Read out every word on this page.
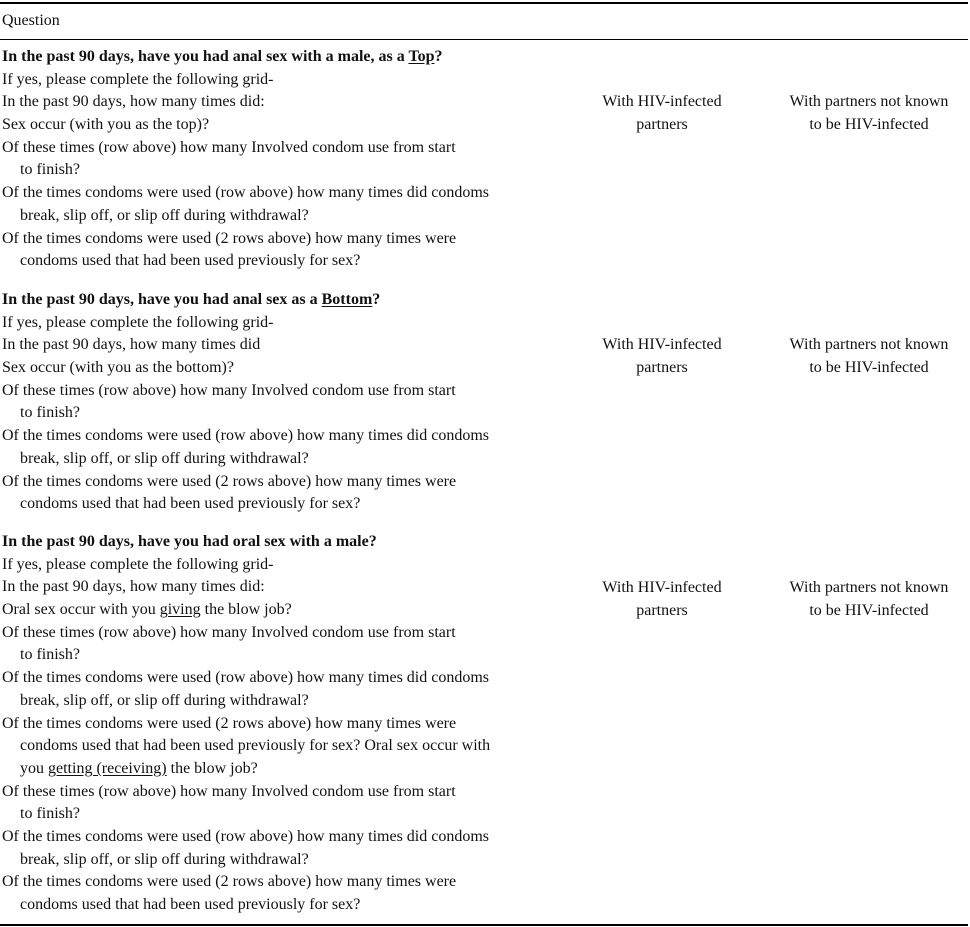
Question
In the past 90 days, have you had anal sex with a male, as a Top?
If yes, please complete the following grid-
In the past 90 days, how many times did:
Sex occur (with you as the top)?
Of these times (row above) how many Involved condom use from start
to finish?
Of the times condoms were used (row above) how many times did condoms
break, slip off, or slip off during withdrawal?
Of the times condoms were used (2 rows above) how many times were
condoms used that had been used previously for sex?
With HIV-infected
partners
With partners not known
to be HIV-infected
In the past 90 days, have you had anal sex as a Bottom?
If yes, please complete the following grid-
In the past 90 days, how many times did
Sex occur (with you as the bottom)?
Of these times (row above) how many Involved condom use from start
to finish?
Of the times condoms were used (row above) how many times did condoms
break, slip off, or slip off during withdrawal?
Of the times condoms were used (2 rows above) how many times were
condoms used that had been used previously for sex?
With HIV-infected
partners
With partners not known
to be HIV-infected
In the past 90 days, have you had oral sex with a male?
If yes, please complete the following grid-
In the past 90 days, how many times did:
Oral sex occur with you giving the blow job?
Of these times (row above) how many Involved condom use from start
to finish?
Of the times condoms were used (row above) how many times did condoms
break, slip off, or slip off during withdrawal?
Of the times condoms were used (2 rows above) how many times were
condoms used that had been used previously for sex? Oral sex occur with
you getting (receiving) the blow job?
Of these times (row above) how many Involved condom use from start
to finish?
Of the times condoms were used (row above) how many times did condoms
break, slip off, or slip off during withdrawal?
Of the times condoms were used (2 rows above) how many times were
condoms used that had been used previously for sex?
With HIV-infected
partners
With partners not known
to be HIV-infected
